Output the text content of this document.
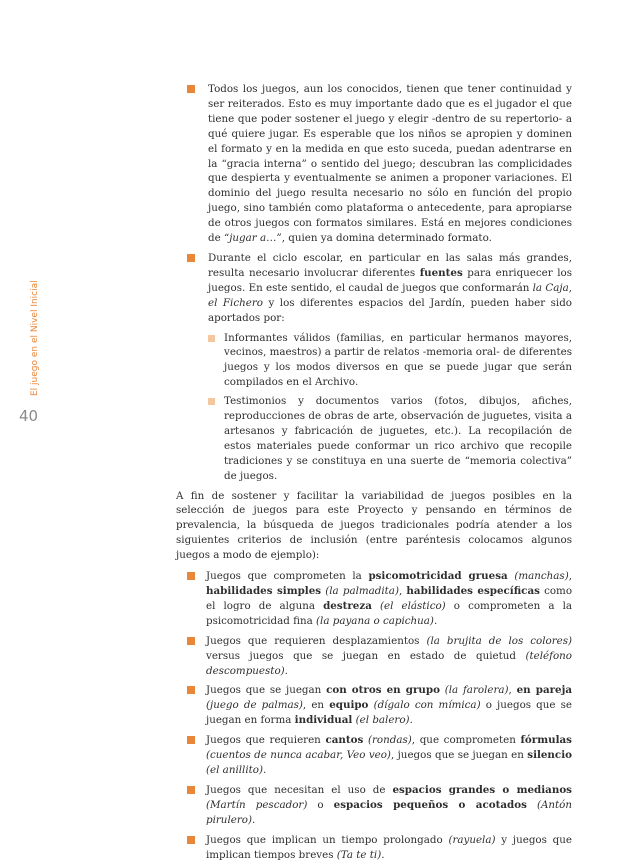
El juego en el Nivel Inicial
40
Todos los juegos, aun los conocidos, tienen que tener continuidad y ser reiterados. Esto es muy importante dado que es el jugador el que tiene que poder sostener el juego y elegir -dentro de su repertorio- a qué quiere jugar. Es esperable que los niños se apropien y dominen el formato y en la medida en que esto suceda, puedan adentrarse en la “gracia interna” o sentido del juego; descubran las complicidades que despierta y eventualmente se animen a proponer variaciones. El dominio del juego resulta necesario no sólo en función del propio juego, sino también como plataforma o antecedente, para apropiarse de otros juegos con formatos similares. Está en mejores condiciones de “jugar a…”, quien ya domina determinado formato.
Durante el ciclo escolar, en particular en las salas más grandes, resulta necesario involucrar diferentes fuentes para enriquecer los juegos. En este sentido, el caudal de juegos que conformarán la Caja, el Fichero y los diferentes espacios del Jardín, pueden haber sido aportados por:
Informantes válidos (familias, en particular hermanos mayores, vecinos, maestros) a partir de relatos -memoria oral- de diferentes juegos y los modos diversos en que se puede jugar que serán compilados en el Archivo.
Testimonios y documentos varios (fotos, dibujos, afiches, reproducciones de obras de arte, observación de juguetes, visita a artesanos y fabricación de juguetes, etc.). La recopilación de estos materiales puede conformar un rico archivo que recopile tradiciones y se constituya en una suerte de “memoria colectiva” de juegos.

A fin de sostener y facilitar la variabilidad de juegos posibles en la selección de juegos para este Proyecto y pensando en términos de prevalencia, la búsqueda de juegos tradicionales podría atender a los siguientes criterios de inclusión (entre paréntesis colocamos algunos juegos a modo de ejemplo):

Juegos que comprometen la psicomotricidad gruesa (manchas), habilidades simples (la palmadita), habilidades específicas como el logro de alguna destreza (el elástico) o comprometen a la psicomotricidad fina (la payana o capichua).
Juegos que requieren desplazamientos (la brujita de los colores) versus juegos que se juegan en estado de quietud (teléfono descompuesto).
Juegos que se juegan con otros en grupo (la farolera), en pareja (juego de palmas), en equipo (dígalo con mímica) o juegos que se juegan en forma individual (el balero).
Juegos que requieren cantos (rondas), que comprometen fórmulas (cuentos de nunca acabar, Veo veo), juegos que se juegan en silencio (el anillito).
Juegos que necesitan el uso de espacios grandes o medianos (Martín pescador) o espacios pequeños o acotados (Antón pirulero).
Juegos que implican un tiempo prolongado (rayuela) y juegos que implican tiempos breves (Ta te ti).
